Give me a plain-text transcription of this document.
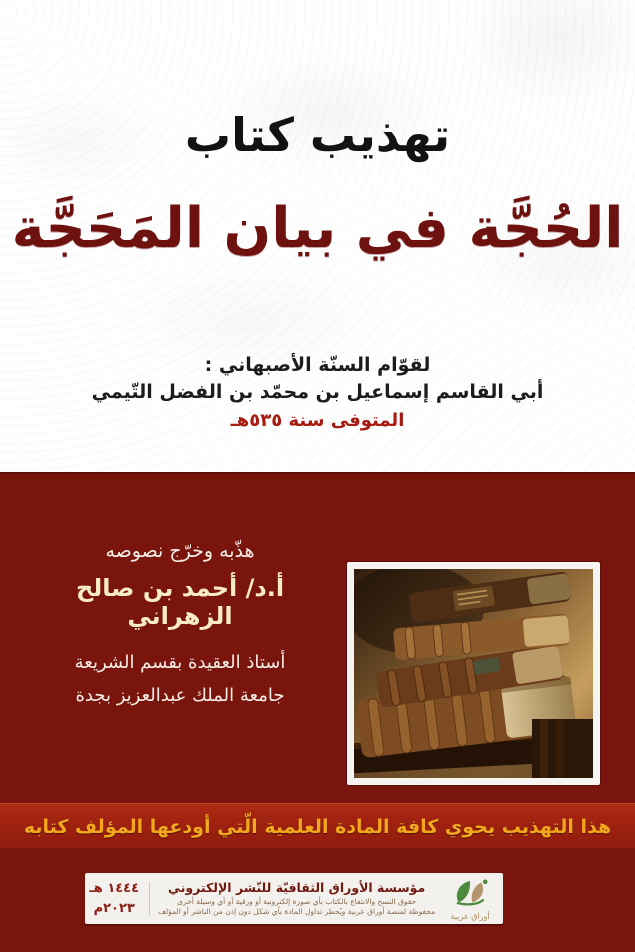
تهذيب كتاب
الحُجَّة في بيان المَحَجَّة
لقوّام السنّة الأصبهاني :
أبي القاسم إسماعيل بن محمّد بن الفضل التّيمي
المتوفى سنة ٥٣٥هـ

هذّبه وخرّج نصوصه

أ.د/ أحمد بن صالح الزهراني

أستاذ العقيدة بقسم الشريعة

جامعة الملك عبدالعزيز بجدة

هذا التهذيب يحوي كافة المادة العلمية الّتي أودعها المؤلف كتابه
أوراق عربية
مؤسسة الأوراق الثقافيّة للنّشر الإلكتروني
حقوق النسخ والانتفاع بالكتاب بأي صورة إلكترونية أو ورقية أو أي وسيلة أخرى
محفوظة لمنصة أوراق عربية ويُحظر تداول المادة بأي شكل دون إذن من الناشر أو المؤلف
١٤٤٤ هـ
٢٠٢٣م
